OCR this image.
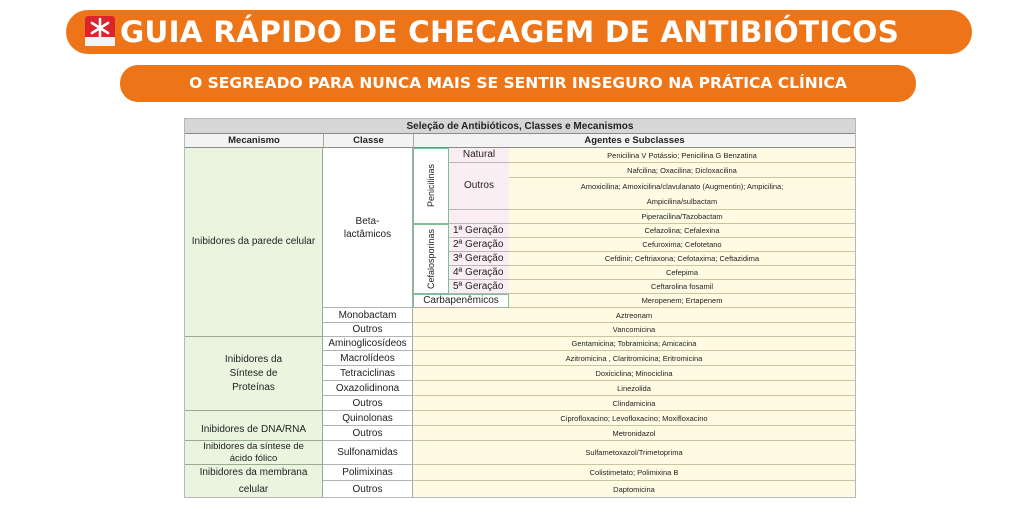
GUIA RÁPIDO DE CHECAGEM DE ANTIBIÓTICOS
O SEGREADO PARA NUNCA MAIS SE SENTIR INSEGURO NA PRÁTICA CLÍNICA
Seleção de Antibióticos, Classes e Mecanismos
Mecanismo	Classe	Agentes e Subclasses
Inibidores da parede celular
Inibidores da Síntese de Proteínas
Inibidores de DNA/RNA
Inibidores da síntese de ácido fólico
Inibidores da membrana celular
Beta-lactâmicos
Monobactam
Outros
Aminoglicosídeos
Macrolídeos
Tetraciclinas
Oxazolidinona
Outros
Quinolonas
Outros
Sulfonamidas
Polimixinas
Outros
Penicilinas
Cefalosporinas
Natural
Outros
1ª Geração
2ª Geração
3ª Geração
4ª Geração
5ª Geração
Carbapenêmicos
Penicilina V Potássio; Penicilina G Benzatina
Nafcilina; Oxacilina; Dicloxacilina
Amoxicilina; Amoxicilina/clavulanato (Augmentin); Ampicilina;
Ampicilina/sulbactam
Piperacilina/Tazobactam
Cefazolina; Cefalexina
Cefuroxima; Cefotetano
Cefdinir; Ceftriaxona; Cefotaxima; Ceftazidima
Cefepima
Ceftarolina fosamil
Meropenem; Ertapenem
Aztreonam
Vancomicina
Gentamicina; Tobramicina; Amicacina
Azitromicina , Claritromicina; Eritromicina
Doxiciclina; Minociclina
Linezolida
Clindamicina
Ciprofloxacino; Levofloxacino; Moxifloxacino
Metronidazol
Sulfametoxazol/Trimetoprima
Colistimetato; Polimixina B
Daptomicina
